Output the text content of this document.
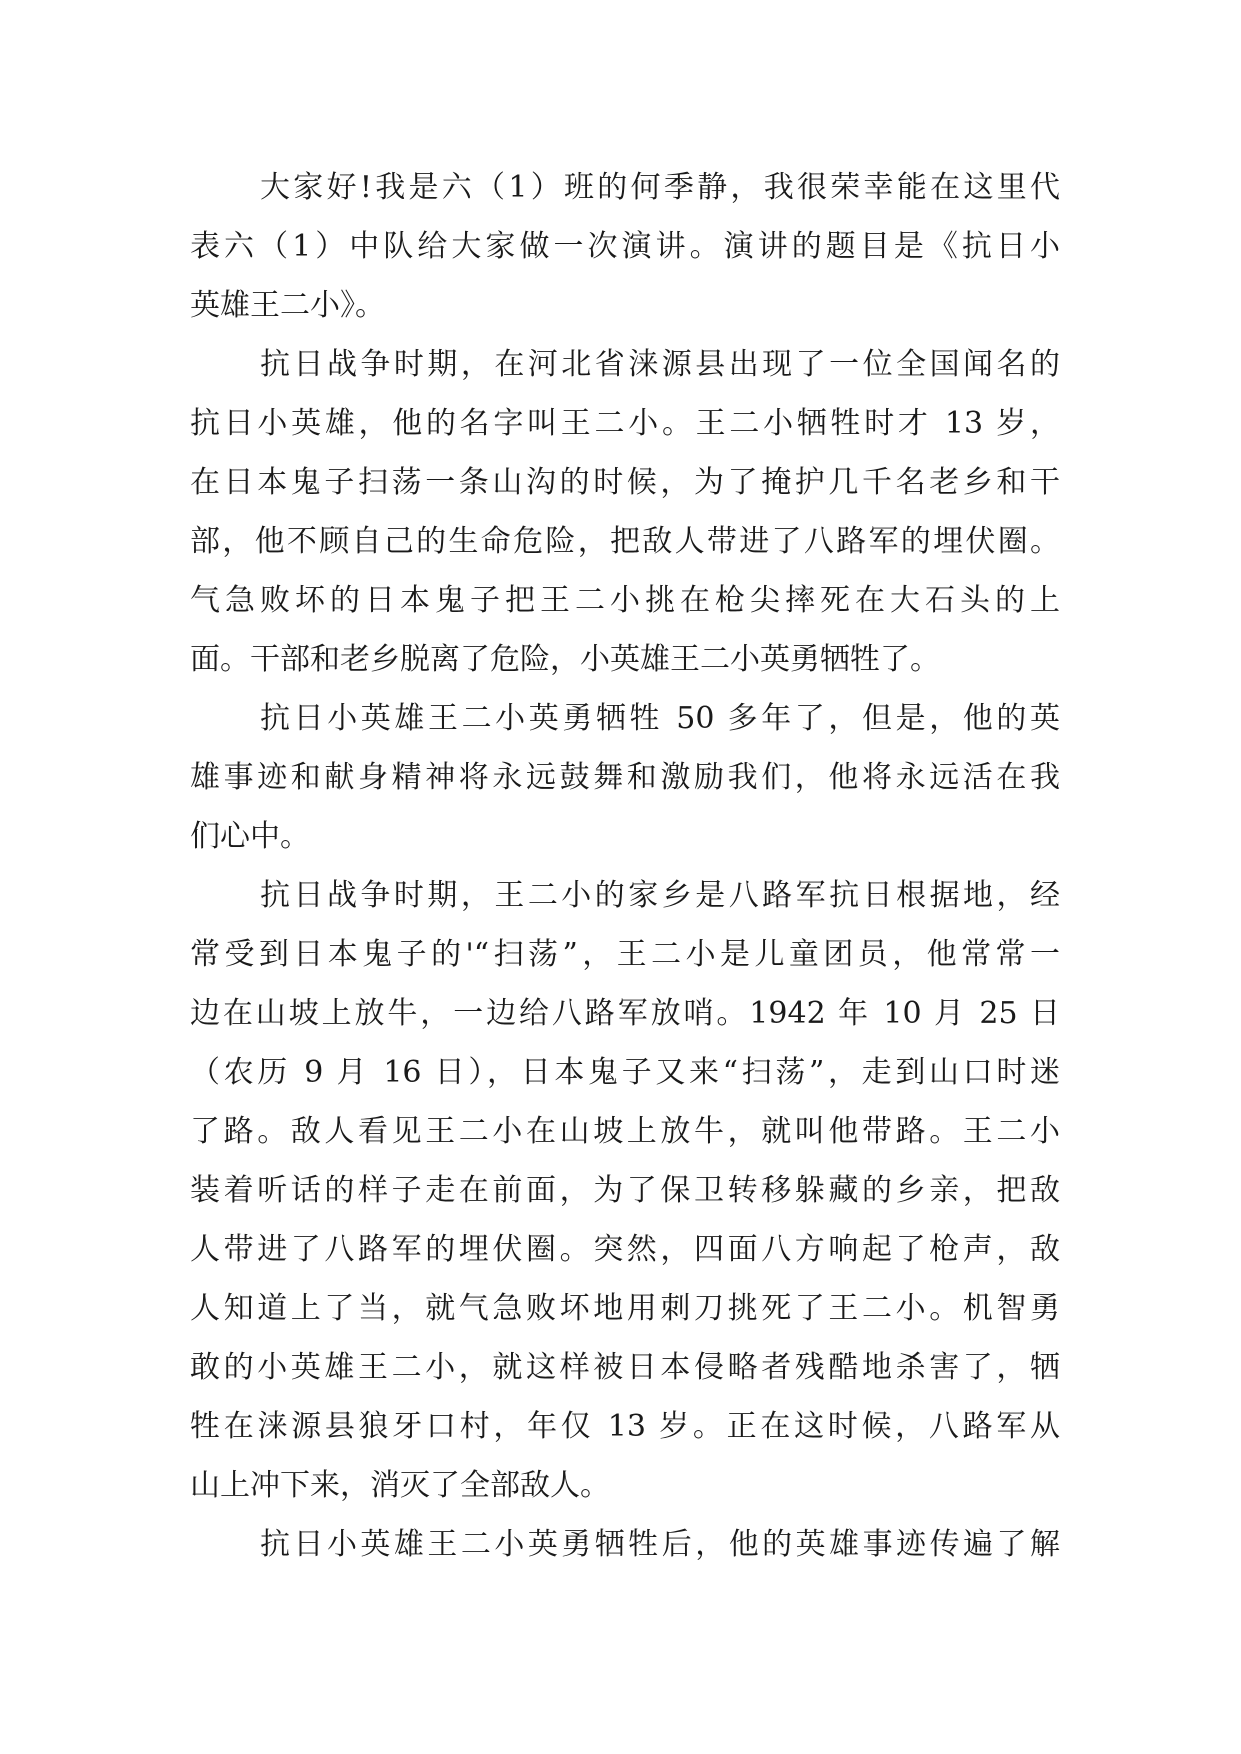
大家好!我是六（1）班的何季静，我很荣幸能在这里代
表六（1）中队给大家做一次演讲。演讲的题目是《抗日小
英雄王二小》。
抗日战争时期，在河北省涞源县出现了一位全国闻名的
抗日小英雄，他的名字叫王二小。王二小牺牲时才 13 岁，
在日本鬼子扫荡一条山沟的时候，为了掩护几千名老乡和干
部，他不顾自己的生命危险，把敌人带进了八路军的埋伏圈。
气急败坏的日本鬼子把王二小挑在枪尖摔死在大石头的上
面。干部和老乡脱离了危险，小英雄王二小英勇牺牲了。
抗日小英雄王二小英勇牺牲 50 多年了，但是，他的英
雄事迹和献身精神将永远鼓舞和激励我们，他将永远活在我
们心中。
抗日战争时期，王二小的家乡是八路军抗日根据地，经
常受到日本鬼子的'“扫荡”，王二小是儿童团员，他常常一
边在山坡上放牛，一边给八路军放哨。1942 年 10 月 25 日
（农历 9 月 16 日），日本鬼子又来“扫荡”，走到山口时迷
了路。敌人看见王二小在山坡上放牛，就叫他带路。王二小
装着听话的样子走在前面，为了保卫转移躲藏的乡亲，把敌
人带进了八路军的埋伏圈。突然，四面八方响起了枪声，敌
人知道上了当，就气急败坏地用刺刀挑死了王二小。机智勇
敢的小英雄王二小，就这样被日本侵略者残酷地杀害了，牺
牲在涞源县狼牙口村，年仅 13 岁。正在这时候，八路军从
山上冲下来，消灭了全部敌人。
抗日小英雄王二小英勇牺牲后，他的英雄事迹传遍了解
